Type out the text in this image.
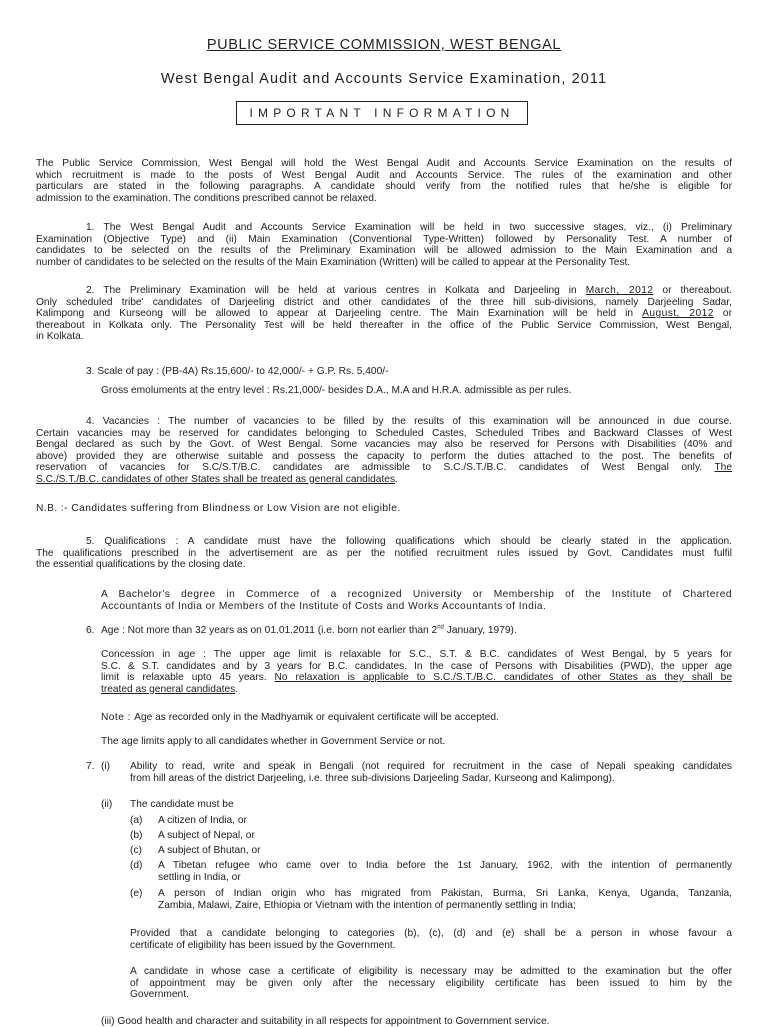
PUBLIC SERVICE COMMISSION, WEST BENGAL
West Bengal Audit and Accounts Service Examination, 2011
IMPORTANT INFORMATION
The Public Service Commission, West Bengal will hold the West Bengal Audit and Accounts Service Examination on the results of
which recruitment is made to the posts of West Bengal Audit and Accounts Service. The rules of the examination and other
particulars are stated in the following paragraphs. A candidate should verify from the notified rules that he/she is eligible for
admission to the examination. The conditions prescribed cannot be relaxed.
1. The West Bengal Audit and Accounts Service Examination will be held in two successive stages, viz., (i) Preliminary
Examination (Objective Type) and (ii) Main Examination (Conventional Type-Written) followed by Personality Test. A number of
candidates to be selected on the results of the Preliminary Examination will be allowed admission to the Main Examination and a
number of candidates to be selected on the results of the Main Examination (Written) will be called to appear at the Personality Test.
2. The Preliminary Examination will be held at various centres in Kolkata and Darjeeling in March, 2012 or thereabout.
Only scheduled tribe' candidates of Darjeeling district and other candidates of the three hill sub-divisions, namely Darjeeling Sadar,
Kalimpong and Kurseong will be allowed to appear at Darjeeling centre. The Main Examination will be held in August, 2012 or
thereabout in Kolkata only. The Personality Test will be held thereafter in the office of the Public Service Commission, West Bengal,
in Kolkata.
3. Scale of pay : (PB-4A) Rs.15,600/- to 42,000/- + G.P. Rs. 5,400/-
Gross emoluments at the entry level : Rs.21,000/- besides D.A., M.A and H.R.A. admissible as per rules.
4. Vacancies : The number of vacancies to be filled by the results of this examination will be announced in due course.
Certain vacancies may be reserved for candidates belonging to Scheduled Castes, Scheduled Tribes and Backward Classes of West
Bengal declared as such by the Govt. of West Bengal. Some vacancies may also be reserved for Persons with Disabilities (40% and
above) provided they are otherwise suitable and possess the capacity to perform the duties attached to the post. The benefits of
reservation of vacancies for S.C/S.T/B.C. candidates are admissible to S.C./S.T./B.C. candidates of West Bengal only. The
S.C./S.T./B.C. candidates of other States shall be treated as general candidates.
N.B. :- Candidates suffering from Blindness or Low Vision are not eligible.
5. Qualifications : A candidate must have the following qualifications which should be clearly stated in the application.
The qualifications prescribed in the advertisement are as per the notified recruitment rules issued by Govt. Candidates must fulfil
the essential qualifications by the closing date.
A Bachelor's degree in Commerce of a recognized University or Membership of the Institute of Chartered
Accountants of India or Members of the Institute of Costs and Works Accountants of India.
6. Age : Not more than 32 years as on 01.01.2011 (i.e. born not earlier than 2nd January, 1979).
Concession in age : The upper age limit is relaxable for S.C., S.T. & B.C. candidates of West Bengal, by 5 years for
S.C. & S.T. candidates and by 3 years for B.C. candidates. In the case of Persons with Disabilities (PWD), the upper age
limit is relaxable upto 45 years. No relaxation is applicable to S.C./S.T./B.C. candidates of other States as they shall be
treated as general candidates.
Note : Age as recorded only in the Madhyamik or equivalent certificate will be accepted.
The age limits apply to all candidates whether in Government Service or not.
7. (i) Ability to read, write and speak in Bengali (not required for recruitment in the case of Nepali speaking candidates
from hill areas of the district Darjeeling, i.e. three sub-divisions Darjeeling Sadar, Kurseong and Kalimpong).
(ii) The candidate must be
(a) A citizen of India, or
(b) A subject of Nepal, or
(c) A subject of Bhutan, or
(d) A Tibetan refugee who came over to India before the 1st January, 1962, with the intention of permanently
settling in India, or
(e) A person of Indian origin who has migrated from Pakistan, Burma, Sri Lanka, Kenya, Uganda, Tanzania,
Zambia, Malawi, Zaire, Ethiopia or Vietnam with the intention of permanently settling in India;
Provided that a candidate belonging to categories (b), (c), (d) and (e) shall be a person in whose favour a
certificate of eligibility has been issued by the Government.
A candidate in whose case a certificate of eligibility is necessary may be admitted to the examination but the offer
of appointment may be given only after the necessary eligibility certificate has been issued to him by the
Government.
(iii) Good health and character and suitability in all respects for appointment to Government service.
